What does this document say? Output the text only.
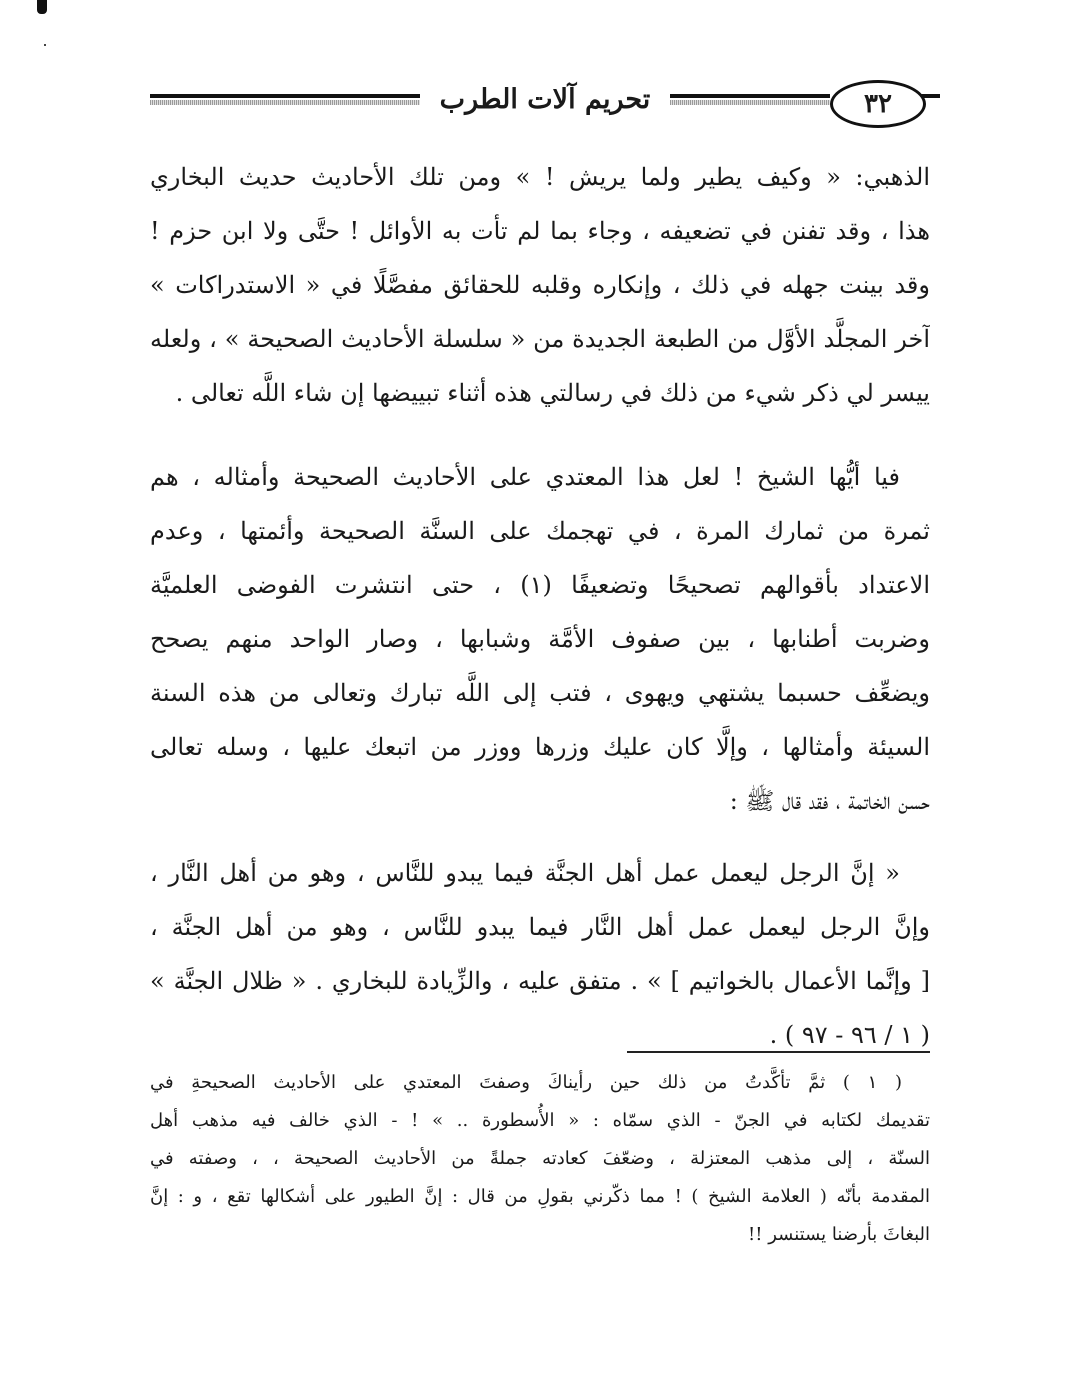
تحريم آلات الطرب	٣٢
الذهبي: « وكيف يطير ولما يريش ! » ومن تلك الأحاديث حديث البخاري
هذا ، وقد تفنن في تضعيفه ، وجاء بما لم تأت به الأوائل ! حتَّى ولا ابن حزم !
وقد بينت جهله في ذلك ، وإنكاره وقلبه للحقائق مفصَّلًا في « الاستدراكات »
آخر المجلَّد الأوَّل من الطبعة الجديدة من « سلسلة الأحاديث الصحيحة » ، ولعله
ييسر لي ذكر شيء من ذلك في رسالتي هذه أثناء تبييضها إن شاء اللَّه تعالى .
فيا أيُّها الشيخ ! لعل هذا المعتدي على الأحاديث الصحيحة وأمثاله ، هم
ثمرة من ثمارك المرة ، في تهجمك على السنَّة الصحيحة وأئمتها ، وعدم
الاعتداد بأقوالهم تصحيحًا وتضعيفًا (١) ، حتى انتشرت الفوضى العلميَّة
وضربت أطنابها ، بين صفوف الأمَّة وشبابها ، وصار الواحد منهم يصحح
ويضعِّف حسبما يشتهي ويهوى ، فتب إلى اللَّه تبارك وتعالى من هذه السنة
السيئة وأمثالها ، وإلَّا كان عليك وزرها ووزر من اتبعك عليها ، وسله تعالى
حسن الخاتمة ، فقد قال ﷺ :
« إنَّ الرجل ليعمل عمل أهل الجنَّة فيما يبدو للنَّاس ، وهو من أهل النَّار ،
وإنَّ الرجل ليعمل عمل أهل النَّار فيما يبدو للنَّاس ، وهو من أهل الجنَّة ،
[ وإنَّما الأعمال بالخواتيم ] » . متفق عليه ، والزِّيادة للبخاري . « ظلال الجنَّة »
( ١ / ٩٦ - ٩٧ ) .
( ١ ) ثمَّ تأكَّدتُ من ذلك حين رأيناكَ وصفتَ المعتدي على الأحاديث الصحيحةِ في
تقديمك لكتابه في الجنّ - الذي سمّاه : « الأُسطورة .. » ! - الذي خالف فيه مذهب أهل
السنّة ، إلى مذهب المعتزلة ، وضعّفَ كعادته جملةً من الأحاديث الصحيحة ، ، وصفته في
المقدمة بأنّه ( العلامة الشيخ ) ! مما ذكّرني بقولِ من قال : إنَّ الطيور على أشكالها تقع ، و : إنَّ
البغاثَ بأرضنا يستنسر !!
